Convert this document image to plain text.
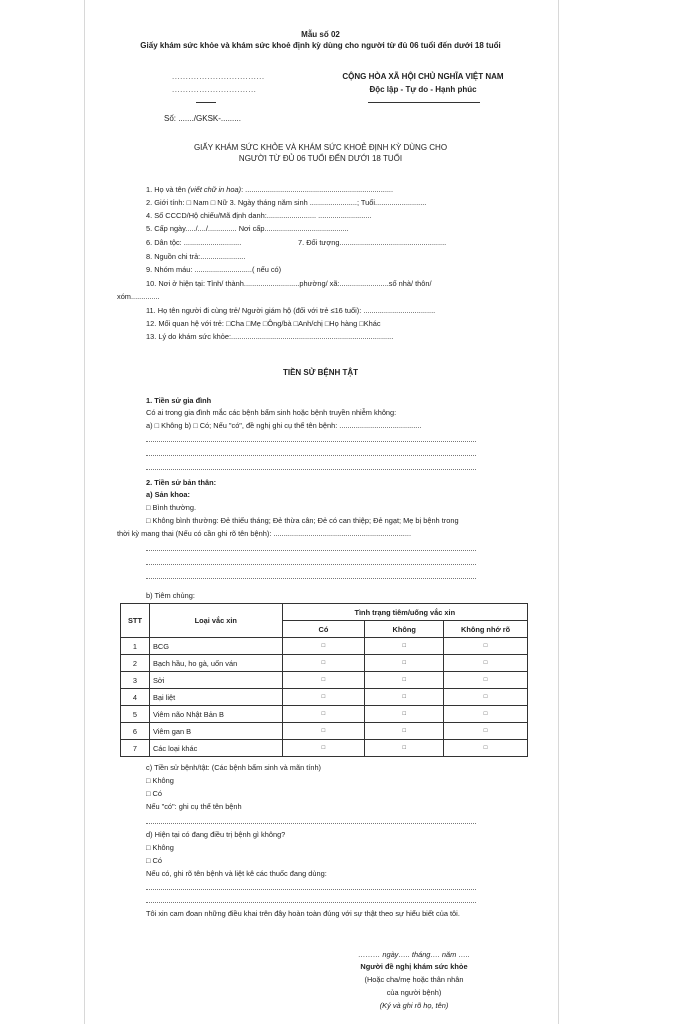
Mẫu số 02
Giấy khám sức khỏe và khám sức khoẻ định kỳ dùng cho người từ đủ 06 tuổi đến dưới 18 tuổi
..................................
...............................
Số: ......./GKSK-.........
CỘNG HÒA XÃ HỘI CHỦ NGHĨA VIỆT NAM
Độc lập - Tự do - Hạnh phúc
GIẤY KHÁM SỨC KHỎE VÀ KHÁM SỨC KHOẺ ĐỊNH KỲ DÙNG CHO
NGƯỜI TỪ ĐỦ 06 TUỔI ĐẾN DƯỚI 18 TUỔI
1. Họ và tên (viết chữ in hoa): ........................................................................
2. Giới tính: □ Nam □ Nữ 3. Ngày tháng năm sinh .......................; Tuổi.........................
4. Số CCCD/Hộ chiếu/Mã định danh:........................ ..........................
5. Cấp ngày...../..../.............. Nơi cấp.........................................
6. Dân tộc: ............................	7. Đối tượng....................................................
8. Nguồn chi trả:......................
9. Nhóm máu: ............................( nếu có)
10. Nơi ở hiện tại: Tỉnh/ thành...........................phường/ xã:........................số nhà/ thôn/
xóm..............
11. Họ tên người đi cùng trẻ/ Người giám hộ (đối với trẻ ≤16 tuổi): ...................................
12. Mối quan hệ với trẻ: □Cha □Mẹ □Ông/bà □Anh/chị □Họ hàng □Khác
13. Lý do khám sức khỏe:...............................................................................
TIỀN SỬ BỆNH TẬT
1. Tiền sử gia đình
Có ai trong gia đình mắc các bệnh bẩm sinh hoặc bệnh truyền nhiễm không:
a) □ Không b) □ Có; Nếu "có", đề nghị ghi cụ thể tên bệnh: ........................................
2. Tiền sử bản thân:
a) Sản khoa:
□ Bình thường.
□ Không bình thường: Đẻ thiếu tháng; Đẻ thừa cân; Đẻ có can thiệp; Đẻ ngạt; Mẹ bị bệnh trong
thời kỳ mang thai (Nếu có cần ghi rõ tên bệnh): ...................................................................
b) Tiêm chủng:
STT	Loại vắc xin	Tình trạng tiêm/uống vắc xin		
		Có	Không	Không nhớ rõ
1	BCG	□	□	□
2	Bạch hầu, ho gà, uốn ván	□	□	□
3	Sởi	□	□	□
4	Bại liệt	□	□	□
5	Viêm não Nhật Bản B	□	□	□
6	Viêm gan B	□	□	□
7	Các loại khác	□	□	□
c) Tiền sử bệnh/tật: (Các bệnh bẩm sinh và mãn tính)
□ Không
□ Có
Nếu "có": ghi cụ thể tên bệnh
d) Hiện tại có đang điều trị bệnh gì không?
□ Không
□ Có
Nếu có, ghi rõ tên bệnh và liệt kê các thuốc đang dùng:
Tôi xin cam đoan những điều khai trên đây hoàn toàn đúng với sự thật theo sự hiểu biết của tôi.
……… ngày….. tháng…. năm …..
Người đề nghị khám sức khỏe
(Hoặc cha/mẹ hoặc thân nhân
của người bệnh)
(Ký và ghi rõ họ, tên)
